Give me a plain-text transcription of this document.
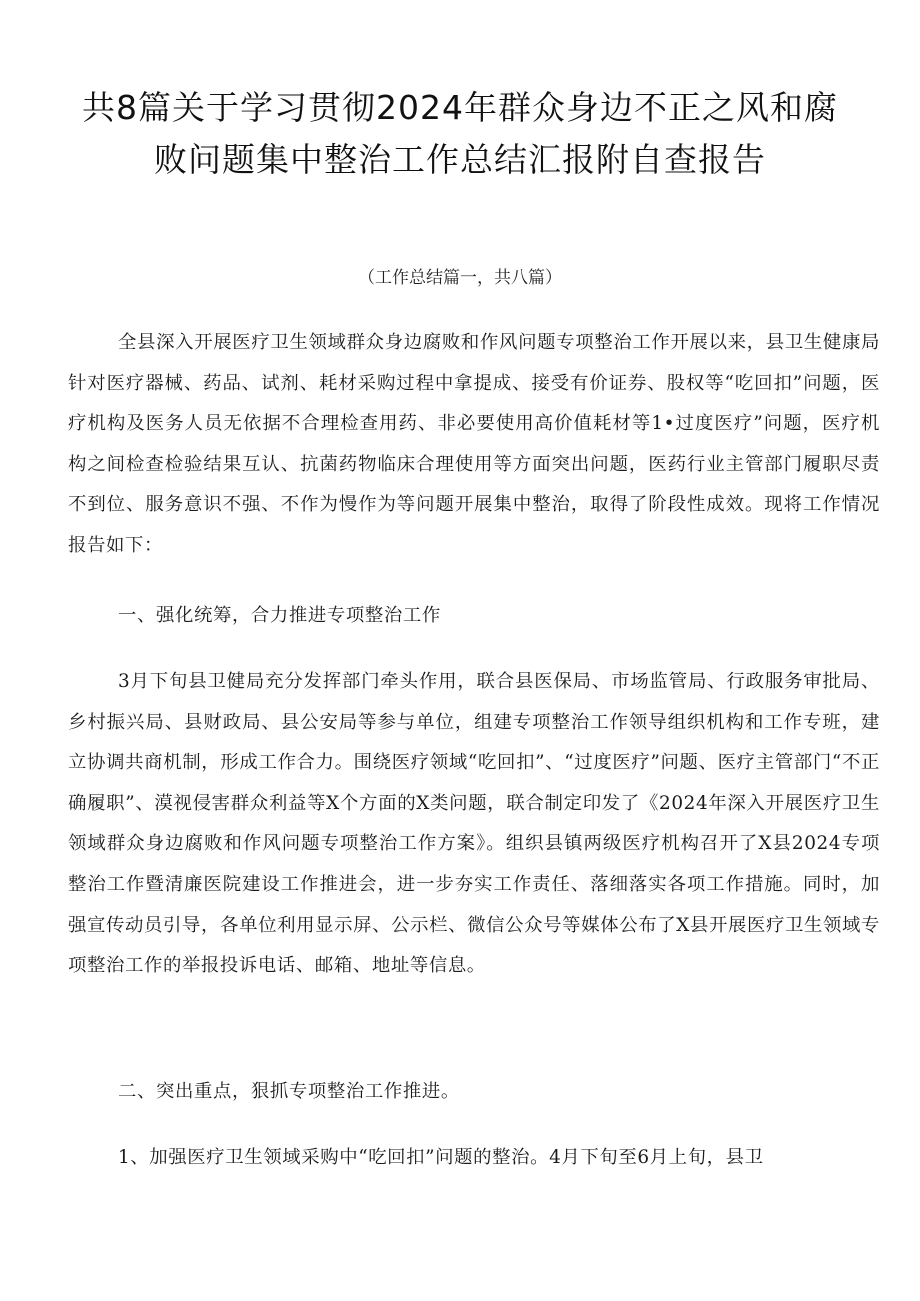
共8篇关于学习贯彻2024年群众身边不正之风和腐
败问题集中整治工作总结汇报附自查报告
（工作总结篇一，共八篇）
全县深入开展医疗卫生领域群众身边腐败和作风问题专项整治工作开展以来，县卫生健康局针对医疗器械、药品、试剂、耗材采购过程中拿提成、接受有价证券、股权等“吃回扣”问题，医疗机构及医务人员无依据不合理检查用药、非必要使用高价值耗材等1•过度医疗”问题，医疗机构之间检查检验结果互认、抗菌药物临床合理使用等方面突出问题，医药行业主管部门履职尽责不到位、服务意识不强、不作为慢作为等问题开展集中整治，取得了阶段性成效。现将工作情况报告如下：
一、强化统筹，合力推进专项整治工作
3月下旬县卫健局充分发挥部门牵头作用，联合县医保局、市场监管局、行政服务审批局、乡村振兴局、县财政局、县公安局等参与单位，组建专项整治工作领导组织机构和工作专班，建立协调共商机制，形成工作合力。围绕医疗领域“吃回扣”、“过度医疗”问题、医疗主管部门“不正确履职”、漠视侵害群众利益等X个方面的X类问题，联合制定印发了《2024年深入开展医疗卫生领域群众身边腐败和作风问题专项整治工作方案》。组织县镇两级医疗机构召开了X县2024专项整治工作暨清廉医院建设工作推进会，进一步夯实工作责任、落细落实各项工作措施。同时，加强宣传动员引导，各单位利用显示屏、公示栏、微信公众号等媒体公布了X县开展医疗卫生领域专项整治工作的举报投诉电话、邮箱、地址等信息。
二、突出重点，狠抓专项整治工作推进。
1、加强医疗卫生领域采购中“吃回扣”问题的整治。4月下旬至6月上旬，县卫
